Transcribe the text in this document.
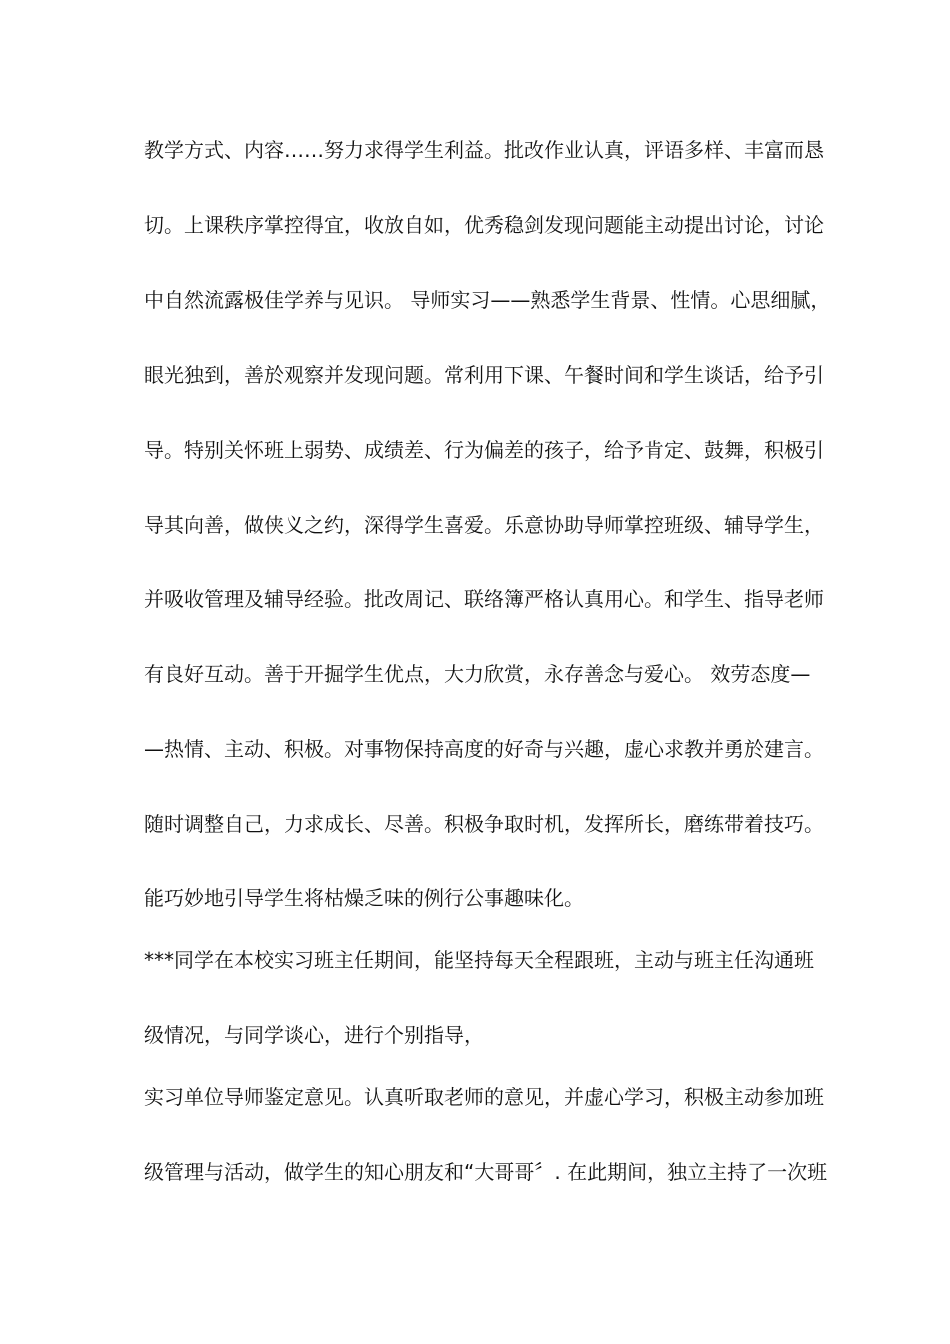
教学方式、内容……努力求得学生利益。批改作业认真，评语多样、丰富而恳
切。上课秩序掌控得宜，收放自如，优秀稳剑发现问题能主动提出讨论，讨论
中自然流露极佳学养与见识。 导师实习——熟悉学生背景、性情。心思细腻，
眼光独到，善於观察并发现问题。常利用下课、午餐时间和学生谈话，给予引
导。特别关怀班上弱势、成绩差、行为偏差的孩子，给予肯定、鼓舞，积极引
导其向善，做侠义之约，深得学生喜爱。乐意协助导师掌控班级、辅导学生，
并吸收管理及辅导经验。批改周记、联络簿严格认真用心。和学生、指导老师
有良好互动。善于开掘学生优点，大力欣赏，永存善念与爱心。 效劳态度—
—热情、主动、积极。对事物保持高度的好奇与兴趣，虚心求教并勇於建言。
随时调整自己，力求成长、尽善。积极争取时机，发挥所长，磨练带着技巧。
能巧妙地引导学生将枯燥乏味的例行公事趣味化。
***同学在本校实习班主任期间，能坚持每天全程跟班，主动与班主任沟通班
级情况，与同学谈心，进行个别指导，
实习单位导师鉴定意见。认真听取老师的意见，并虚心学习，积极主动参加班
级管理与活动，做学生的知心朋友和“大哥哥〞. 在此期间，独立主持了一次班
